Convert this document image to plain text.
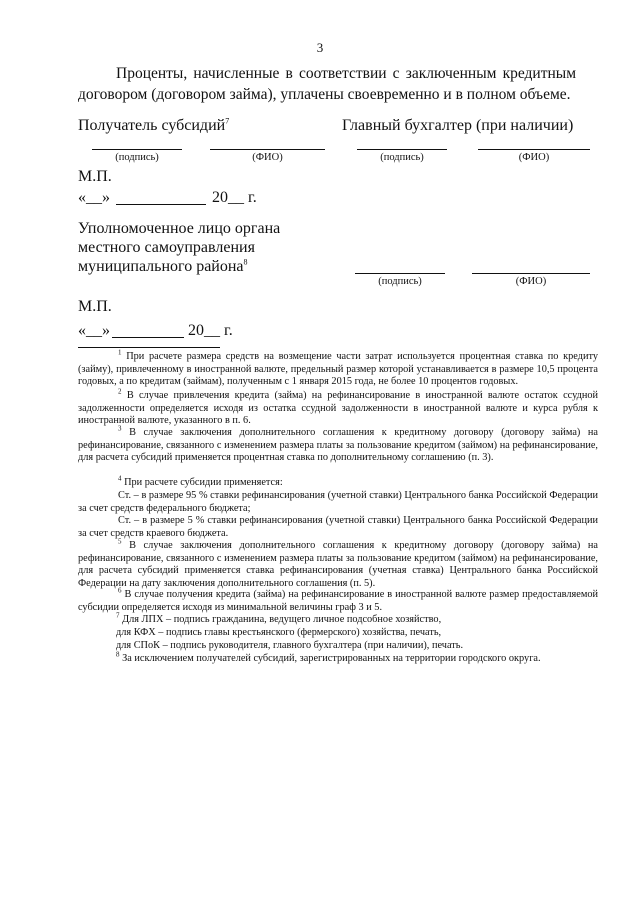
3
Проценты, начисленные в соответствии с заключенным кредитным договором (договором займа), уплачены своевременно и в полном объеме.
Получатель субсидий$^7$	Главный бухгалтер (при наличии)
(подпись)	(ФИО)	(подпись)	(ФИО)
М.П.
«__»	20__ г.
Уполномоченное лицо органа
местного самоуправления
муниципального района$^8$
(подпись)	(ФИО)
М.П.
«__»	20__ г.
$^1$ При расчете размера средств на возмещение части затрат используется процентная ставка по кредиту (займу), привлеченному в иностранной валюте, предельный размер которой устанавливается в размере 10,5 процента годовых, а по кредитам (займам), полученным с 1 января 2015 года, не более 10 процентов годовых.
$^2$ В случае привлечения кредита (займа) на рефинансирование в иностранной валюте остаток ссудной задолженности определяется исходя из остатка ссудной задолженности в иностранной валюте и курса рубля к иностранной валюте, указанного в п. 6.
$^3$ В случае заключения дополнительного соглашения к кредитному договору (договору займа) на рефинансирование, связанного с изменением размера платы за пользование кредитом (займом) на рефинансирование, для расчета субсидий применяется процентная ставка по дополнительному соглашению (п. 3).
$^4$ При расчете субсидии применяется:
Ст. – в размере 95 % ставки рефинансирования (учетной ставки) Центрального банка Российской Федерации за счет средств федерального бюджета;
Ст. – в размере 5 % ставки рефинансирования (учетной ставки) Центрального банка Российской Федерации за счет средств краевого бюджета.
$^5$ В случае заключения дополнительного соглашения к кредитному договору (договору займа) на рефинансирование, связанного с изменением размера платы за пользование кредитом (займом) на рефинансирование, для расчета субсидий применяется ставка рефинансирования (учетная ставка) Центрального банка Российской Федерации на дату заключения дополнительного соглашения (п. 5).
$^6$ В случае получения кредита (займа) на рефинансирование в иностранной валюте размер предоставляемой субсидии определяется исходя из минимальной величины граф 3 и 5.
$^7$ Для ЛПХ – подпись гражданина, ведущего личное подсобное хозяйство,
для КФХ – подпись главы крестьянского (фермерского) хозяйства, печать,
для СПоК – подпись руководителя, главного бухгалтера (при наличии), печать.
$^8$ За исключением получателей субсидий, зарегистрированных на территории городского округа.
